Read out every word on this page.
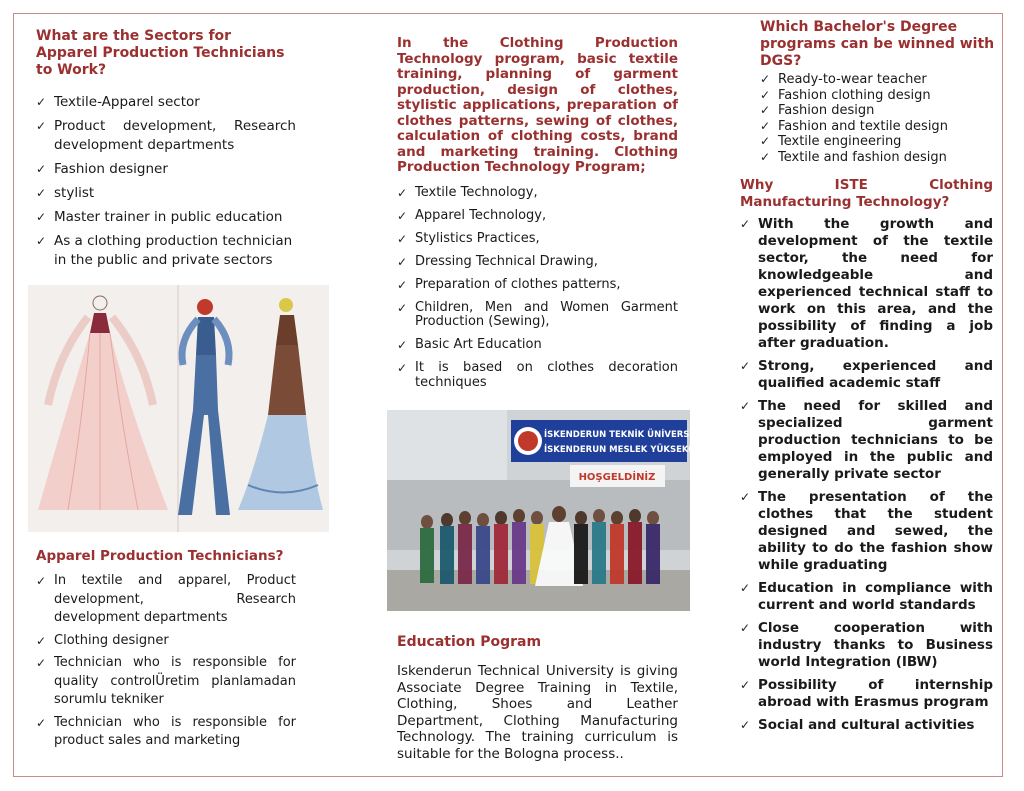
What are the Sectors for Apparel Production Technicians to Work?
✓ Textile-Apparel sector
✓ Product development, Research development departments
✓ Fashion designer
✓ stylist
✓ Master trainer in public education
✓ As a clothing production technician in the public and private sectors
Apparel Production Technicians?
✓ In textile and apparel, Product development, Research development departments
✓ Clothing designer
✓ Technician who is responsible for quality controlÜretim planlamadan sorumlu tekniker
✓ Technician who is responsible for product sales and marketing
In the Clothing Production Technology program, basic textile training, planning of garment production, design of clothes, stylistic applications, preparation of clothes patterns, sewing of clothes, calculation of clothing costs, brand and marketing training. Clothing Production Technology Program;
✓ Textile Technology,
✓ Apparel Technology,
✓ Stylistics Practices,
✓ Dressing Technical Drawing,
✓ Preparation of clothes patterns,
✓ Children, Men and Women Garment Production (Sewing),
✓ Basic Art Education
✓ It is based on clothes decoration techniques
İSKENDERUN TEKNİK ÜNİVERSİTESİ
İSKENDERUN MESLEK YÜKSEKOKULU
HOŞGELDİNİZ
Education Pogram

Iskenderun Technical University is giving Associate Degree Training in Textile, Clothing, Shoes and Leather Department, Clothing Manufacturing Technology. The training curriculum is suitable for the Bologna process..

Which Bachelor's Degree programs can be winned with DGS?
✓ Ready-to-wear teacher
✓ Fashion clothing design
✓ Fashion design
✓ Fashion and textile design
✓ Textile engineering
✓ Textile and fashion design
Why ISTE Clothing Manufacturing Technology?
✓ With the growth and development of the textile sector, the need for knowledgeable and experienced technical staff to work on this area, and the possibility of finding a job after graduation.
✓ Strong, experienced and qualified academic staff
✓ The need for skilled and specialized garment production technicians to be employed in the public and generally private sector
✓ The presentation of the clothes that the student designed and sewed, the ability to do the fashion show while graduating
✓ Education in compliance with current and world standards
✓ Close cooperation with industry thanks to Business world Integration (IBW)
✓ Possibility of internship abroad with Erasmus program
✓ Social and cultural activities
